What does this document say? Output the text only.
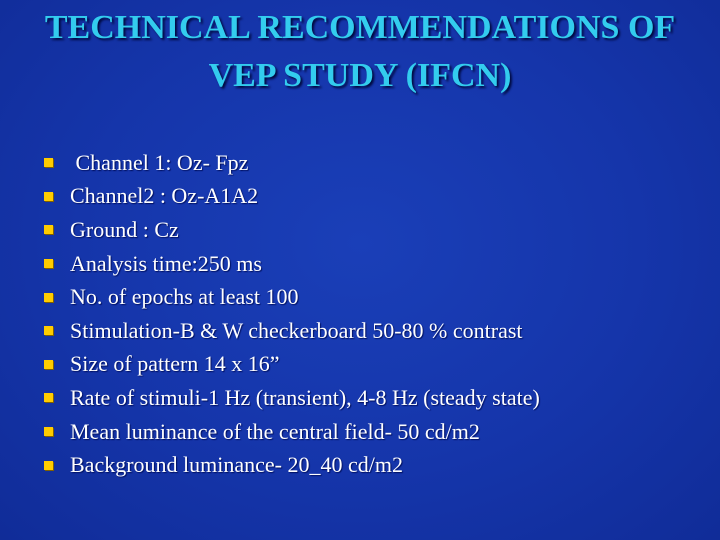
TECHNICAL RECOMMENDATIONS OF VEP STUDY (IFCN)
Channel 1: Oz- Fpz
Channel2 : Oz-A1A2
Ground : Cz
Analysis time:250 ms
No. of epochs at least 100
Stimulation-B & W checkerboard 50-80 % contrast
Size of pattern 14 x 16”
Rate of stimuli-1 Hz (transient), 4-8 Hz (steady state)
Mean luminance of the central field- 50 cd/m2
Background luminance- 20_40 cd/m2
